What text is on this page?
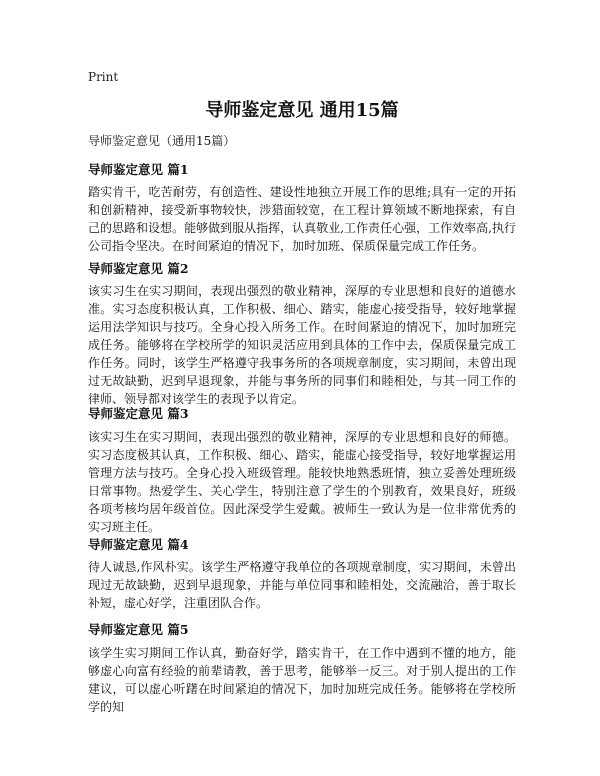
Print
导师鉴定意见 通用15篇
导师鉴定意见（通用15篇）
导师鉴定意见 篇1

踏实肯干，吃苦耐劳，有创造性、建设性地独立开展工作的思维;具有一定的开拓和创新精神，接受新事物较快，涉猎面较宽，在工程计算领域不断地探索，有自己的思路和设想。能够做到服从指挥，认真敬业,工作责任心强，工作效率高,执行公司指令坚决。在时间紧迫的情况下，加时加班、保质保量完成工作任务。

导师鉴定意见 篇2

该实习生在实习期间，表现出强烈的敬业精神，深厚的专业思想和良好的道德水准。实习态度积极认真，工作积极、细心、踏实，能虚心接受指导，较好地掌握运用法学知识与技巧。全身心投入所务工作。在时间紧迫的情况下，加时加班完成任务。能够将在学校所学的知识灵活应用到具体的工作中去，保质保量完成工作任务。同时，该学生严格遵守我事务所的各项规章制度，实习期间，未曾出现过无故缺勤，迟到早退现象，并能与事务所的同事们和睦相处，与其一同工作的律师、领导都对该学生的表现予以肯定。

导师鉴定意见 篇3

该实习生在实习期间，表现出强烈的敬业精神，深厚的专业思想和良好的师德。实习态度极其认真，工作积极、细心、踏实，能虚心接受指导，较好地掌握运用管理方法与技巧。全身心投入班级管理。能较快地熟悉班情，独立妥善处理班级日常事物。热爱学生、关心学生，特别注意了学生的个别教育，效果良好，班级各项考核均居年级首位。因此深受学生爱戴。被师生一致认为是一位非常优秀的实习班主任。

导师鉴定意见 篇4

待人诚恳,作风朴实。该学生严格遵守我单位的各项规章制度，实习期间，未曾出现过无故缺勤，迟到早退现象，并能与单位同事和睦相处，交流融洽，善于取长补短，虚心好学，注重团队合作。

导师鉴定意见 篇5

该学生实习期间工作认真，勤奋好学，踏实肯干，在工作中遇到不懂的地方，能够虚心向富有经验的前辈请教，善于思考，能够举一反三。对于别人提出的工作建议，可以虚心听躇在时间紧迫的情况下，加时加班完成任务。能够将在学校所学的知
